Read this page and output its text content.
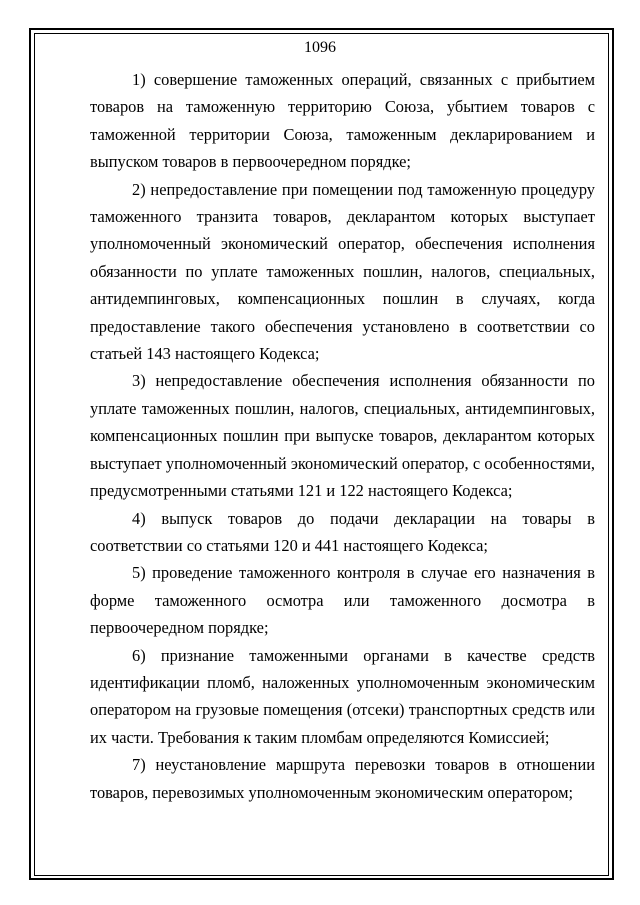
1096

1) совершение таможенных операций, связанных с прибытием товаров на таможенную территорию Союза, убытием товаров с таможенной территории Союза, таможенным декларированием и выпуском товаров в первоочередном порядке;

2) непредоставление при помещении под таможенную процедуру таможенного транзита товаров, декларантом которых выступает уполномоченный экономический оператор, обеспечения исполнения обязанности по уплате таможенных пошлин, налогов, специальных, антидемпинговых, компенсационных пошлин в случаях, когда предоставление такого обеспечения установлено в соответствии со статьей 143 настоящего Кодекса;

3) непредоставление обеспечения исполнения обязанности по уплате таможенных пошлин, налогов, специальных, антидемпинговых, компенсационных пошлин при выпуске товаров, декларантом которых выступает уполномоченный экономический оператор, с особенностями, предусмотренными статьями 121 и 122 настоящего Кодекса;

4) выпуск товаров до подачи декларации на товары в соответствии со статьями 120 и 441 настоящего Кодекса;

5) проведение таможенного контроля в случае его назначения в форме таможенного осмотра или таможенного досмотра в первоочередном порядке;

6) признание таможенными органами в качестве средств идентификации пломб, наложенных уполномоченным экономическим оператором на грузовые помещения (отсеки) транспортных средств или их части. Требования к таким пломбам определяются Комиссией;

7) неустановление маршрута перевозки товаров в отношении товаров, перевозимых уполномоченным экономическим оператором;
